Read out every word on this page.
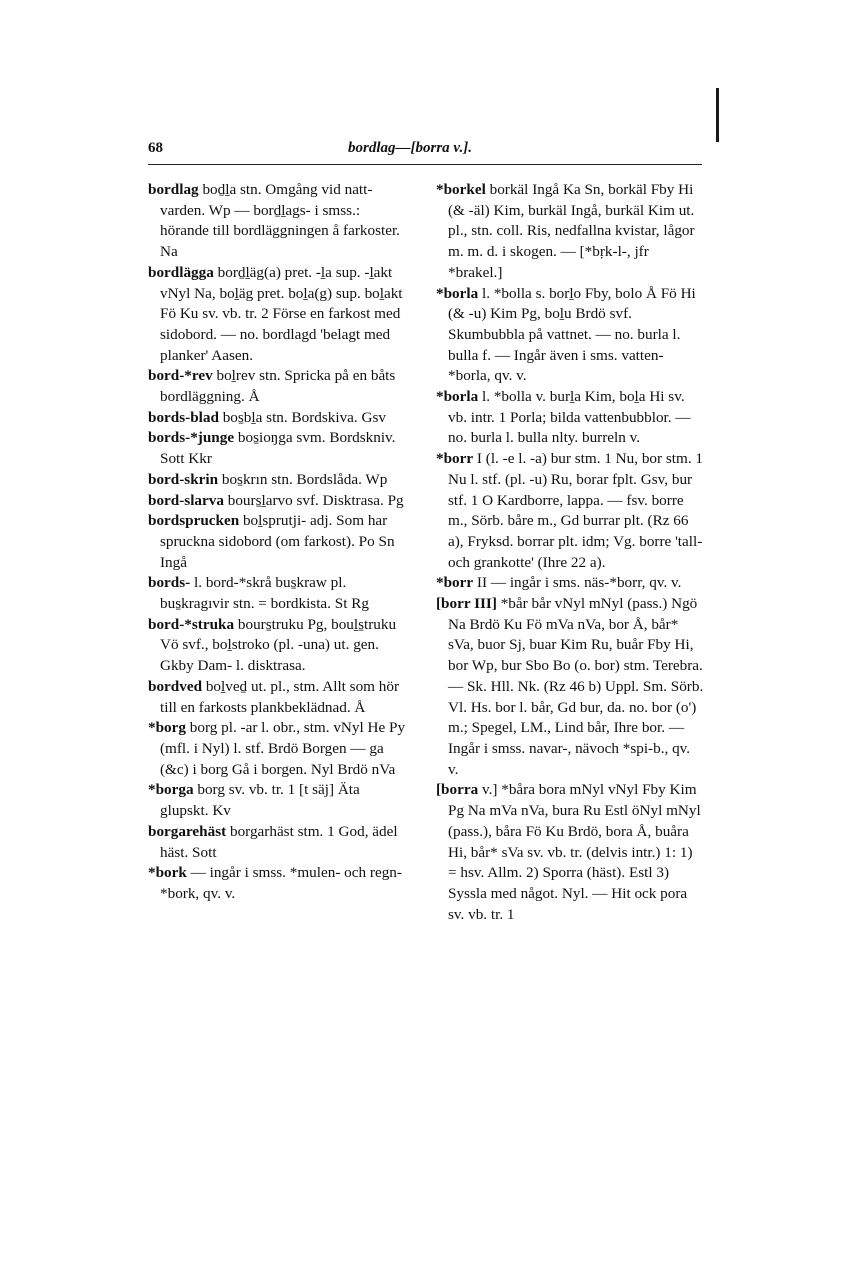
68	bordlag—[borra v.].

bordlag boḏḻa stn. Omgång vid nattvarden. Wp — borḏḻags- i smss.: hörande till bordläggningen å farkoster. Na

bordlägga borḏḻäg(a) pret. -ḻa sup. -ḻakt vNyl Na, boḻäg pret. boḻa(g) sup. boḻakt Fö Ku sv. vb. tr. 2 Förse en farkost med sidobord. — no. bordlagd 'belagt med planker' Aasen.

bord-*rev boḻrev stn. Spricka på en båts bordläggning. Å

bords-blad bos̱bḻa stn. Bordskiva. Gsv

bords-*junge bos̱ioŋga svm. Bordskniv. Sott Kkr

bord-skrin bos̱krın stn. Bordslåda. Wp

bord-slarva bours̱ḻarvo svf. Disktrasa. Pg

bordsprucken boḻsprutji- adj. Som har spruckna sidobord (om farkost). Po Sn Ingå

bords- l. bord-*skrå bus̱kraw pl. bus̱kragıvir stn. = bordkista. St Rg

bord-*struka bours̱truku Pg, bouḻs̱truku Vö svf., boḻstroko (pl. -una) ut. gen. Gkby Dam- l. disktrasa.

bordved boḻveḏ ut. pl., stm. Allt som hör till en farkosts plankbeklädnad. Å

*borg borg pl. -ar l. obr., stm. vNyl He Py (mfl. i Nyl) l. stf. Brdö Borgen — ga (&c) i borg Gå i borgen. Nyl Brdö nVa

*borga borg sv. vb. tr. 1 [t säj] Äta glupskt. Kv

borgarehäst borgarhäst stm. 1 God, ädel häst. Sott

*bork — ingår i smss. *mulen- och regn-*bork, qv. v.

*borkel borkäl Ingå Ka Sn, borkäl Fby Hi (& -äl) Kim, burkäl Ingå, burkäl Kim ut. pl., stn. coll. Ris, nedfallna kvistar, lågor m. m. d. i skogen. — [*bṛk-l-, jfr *brakel.]

*borla l. *bolla s. borḻo Fby, bolo Å Fö Hi (& -u) Kim Pg, boḻu Brdö svf. Skumbubbla på vattnet. — no. burla l. bulla f. — Ingår även i sms. vatten-*borla, qv. v.

*borla l. *bolla v. burḻa Kim, boḻa Hi sv. vb. intr. 1 Porla; bilda vattenbubblor. — no. burla l. bulla nlty. burreln v.

*borr I (l. -e l. -a) bur stm. 1 Nu, bor stm. 1 Nu l. stf. (pl. -u) Ru, borar fplt. Gsv, bur stf. 1 O Kardborre, lappa. — fsv. borre m., Sörb. båre m., Gd burrar plt. (Rz 66 a), Fryksd. borrar plt. idm; Vg. borre 'tall- och grankotte' (Ihre 22 a).

*borr II — ingår i sms. näs-*borr, qv. v.

[borr III] *bår bår vNyl mNyl (pass.) Ngö Na Brdö Ku Fö mVa nVa, bor Å, bår* sVa, buor Sj, buar Kim Ru, buår Fby Hi, bor Wp, bur Sbo Bo (o. bor) stm. Terebra. — Sk. Hll. Nk. (Rz 46 b) Uppl. Sm. Sörb. Vl. Hs. bor l. bår, Gd bur, da. no. bor (o') m.; Spegel, LM., Lind bår, Ihre bor. — Ingår i smss. navar-, nävoch *spi-b., qv. v.

[borra v.] *båra bora mNyl vNyl Fby Kim Pg Na mVa nVa, bura Ru Estl öNyl mNyl (pass.), båra Fö Ku Brdö, bora Å, buåra Hi, bår* sVa sv. vb. tr. (delvis intr.) 1: 1) = hsv. Allm. 2) Sporra (häst). Estl 3) Syssla med något. Nyl. — Hit ock pora sv. vb. tr. 1
